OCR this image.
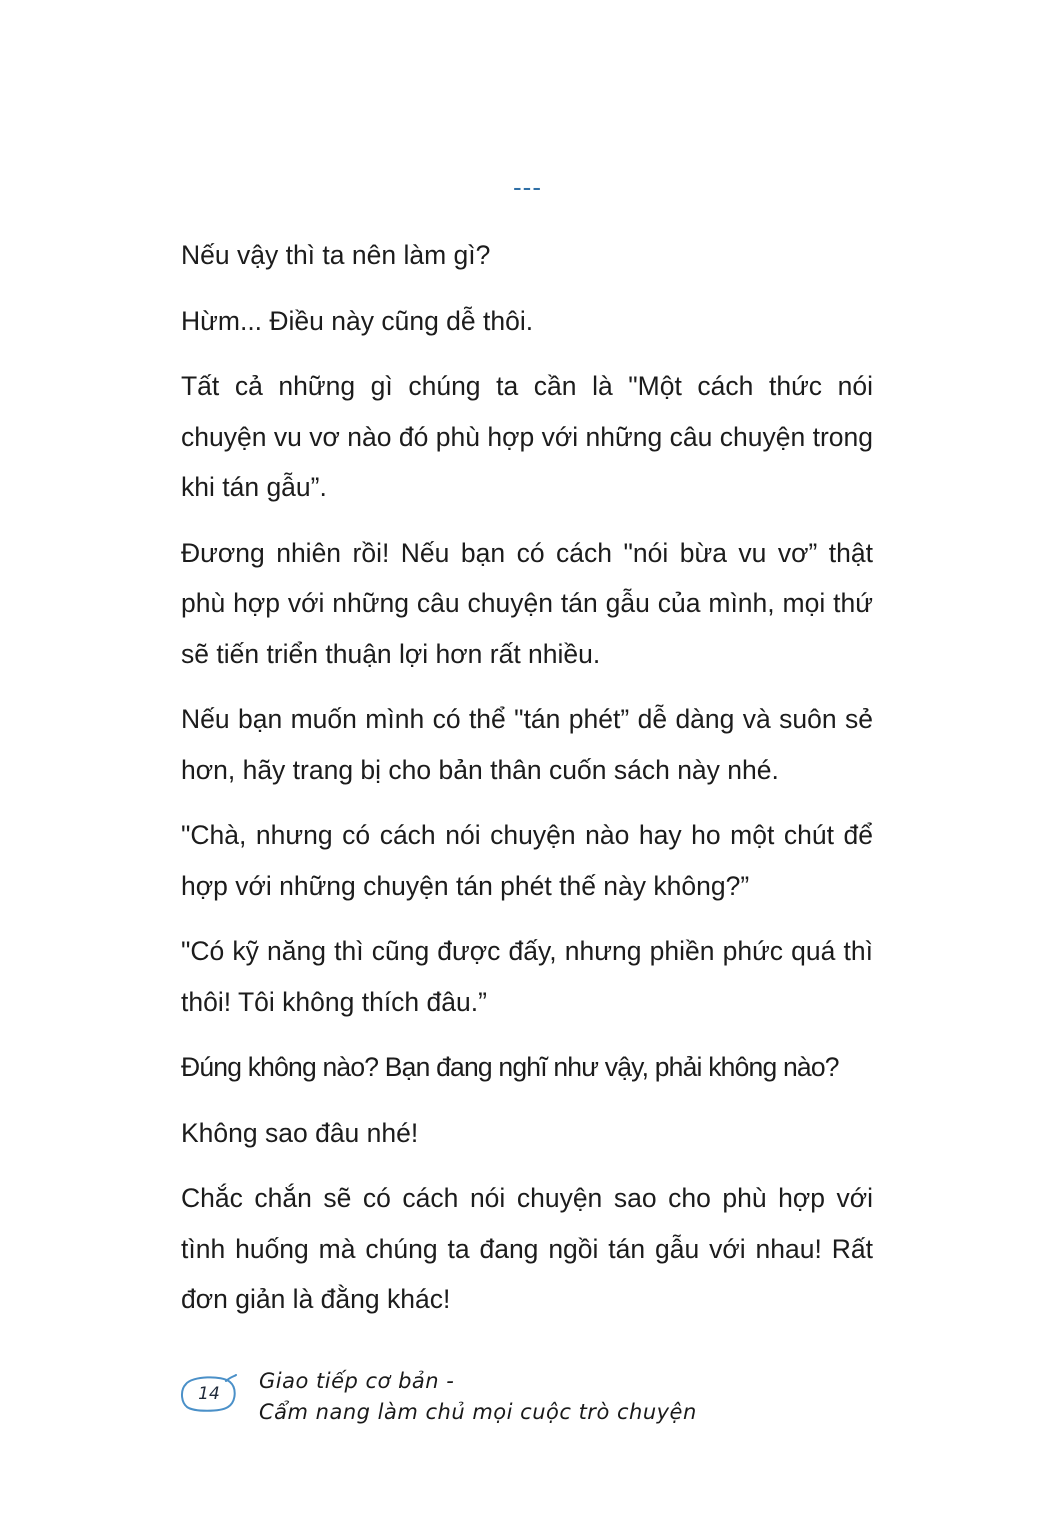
---

Nếu vậy thì ta nên làm gì?

Hừm... Điều này cũng dễ thôi.

Tất cả những gì chúng ta cần là "Một cách thức nói chuyện vu vơ nào đó phù hợp với những câu chuyện trong khi tán gẫu”.

Đương nhiên rồi! Nếu bạn có cách "nói bừa vu vơ” thật phù hợp với những câu chuyện tán gẫu của mình, mọi thứ sẽ tiến triển thuận lợi hơn rất nhiều.

Nếu bạn muốn mình có thể "tán phét” dễ dàng và suôn sẻ hơn, hãy trang bị cho bản thân cuốn sách này nhé.

"Chà, nhưng có cách nói chuyện nào hay ho một chút để hợp với những chuyện tán phét thế này không?”

"Có kỹ năng thì cũng được đấy, nhưng phiền phức quá thì thôi! Tôi không thích đâu.”

Đúng không nào? Bạn đang nghĩ như vậy, phải không nào?

Không sao đâu nhé!

Chắc chắn sẽ có cách nói chuyện sao cho phù hợp với tình huống mà chúng ta đang ngồi tán gẫu với nhau! Rất đơn giản là đằng khác!

14
Giao tiếp cơ bản -
Cẩm nang làm chủ mọi cuộc trò chuyện
